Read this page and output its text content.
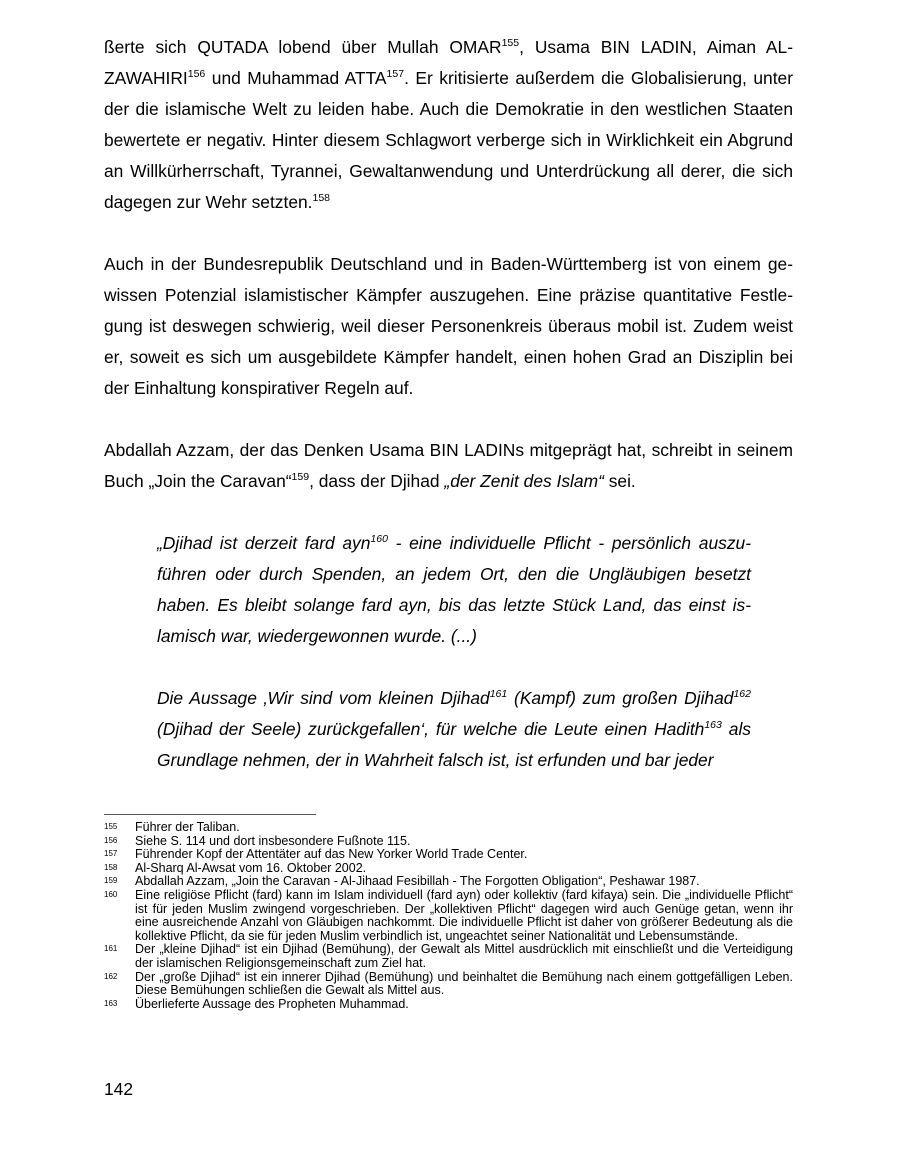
ßerte sich QUTADA lobend über Mullah OMAR$^{155}$, Usama BIN LADIN, Aiman AL-ZAWAHIRI$^{156}$ und Muhammad ATTA$^{157}$. Er kritisierte außerdem die Globalisierung, unter der die islamische Welt zu leiden habe. Auch die Demokratie in den westlichen Staaten bewertete er negativ. Hinter diesem Schlagwort verberge sich in Wirklichkeit ein Abgrund an Willkürherrschaft, Tyrannei, Gewaltanwendung und Unterdrückung all derer, die sich dagegen zur Wehr setzten.$^{158}$

Auch in der Bundesrepublik Deutschland und in Baden-Württemberg ist von einem gewissen Potenzial islamistischer Kämpfer auszugehen. Eine präzise quantitative Festlegung ist deswegen schwierig, weil dieser Personenkreis überaus mobil ist. Zudem weist er, soweit es sich um ausgebildete Kämpfer handelt, einen hohen Grad an Disziplin bei der Einhaltung konspirativer Regeln auf.

Abdallah Azzam, der das Denken Usama BIN LADINs mitgeprägt hat, schreibt in seinem Buch „Join the Caravan“$^{159}$, dass der Djihad „der Zenit des Islam“ sei.

„Djihad ist derzeit fard ayn$^{160}$ - eine individuelle Pflicht - persönlich auszuführen oder durch Spenden, an jedem Ort, den die Ungläubigen besetzt haben. Es bleibt solange fard ayn, bis das letzte Stück Land, das einst islamisch war, wiedergewonnen wurde. (...)

Die Aussage ‚Wir sind vom kleinen Djihad$^{161}$ (Kampf) zum großen Djihad$^{162}$ (Djihad der Seele) zurückgefallen‘, für welche die Leute einen Hadith$^{163}$ als Grundlage nehmen, der in Wahrheit falsch ist, ist erfunden und bar jeder

155	Führer der Taliban.
156	Siehe S. 114 und dort insbesondere Fußnote 115.
157	Führender Kopf der Attentäter auf das New Yorker World Trade Center.
158	Al-Sharq Al-Awsat vom 16. Oktober 2002.
159	Abdallah Azzam, „Join the Caravan - Al-Jihaad Fesibillah - The Forgotten Obligation“, Peshawar 1987.
160	Eine religiöse Pflicht (fard) kann im Islam individuell (fard ayn) oder kollektiv (fard kifaya) sein. Die „individuelle Pflicht“ ist für jeden Muslim zwingend vorgeschrieben. Der „kollektiven Pflicht“ dagegen wird auch Genüge getan, wenn ihr eine ausreichende Anzahl von Gläubigen nachkommt. Die individuelle Pflicht ist daher von größerer Bedeutung als die kollektive Pflicht, da sie für jeden Muslim verbindlich ist, ungeachtet seiner Nationalität und Lebensumstände.
161	Der „kleine Djihad“ ist ein Djihad (Bemühung), der Gewalt als Mittel ausdrücklich mit einschließt und die Verteidigung der islamischen Religionsgemeinschaft zum Ziel hat.
162	Der „große Djihad“ ist ein innerer Djihad (Bemühung) und beinhaltet die Bemühung nach einem gottgefälligen Leben. Diese Bemühungen schließen die Gewalt als Mittel aus.
163	Überlieferte Aussage des Propheten Muhammad.
142
